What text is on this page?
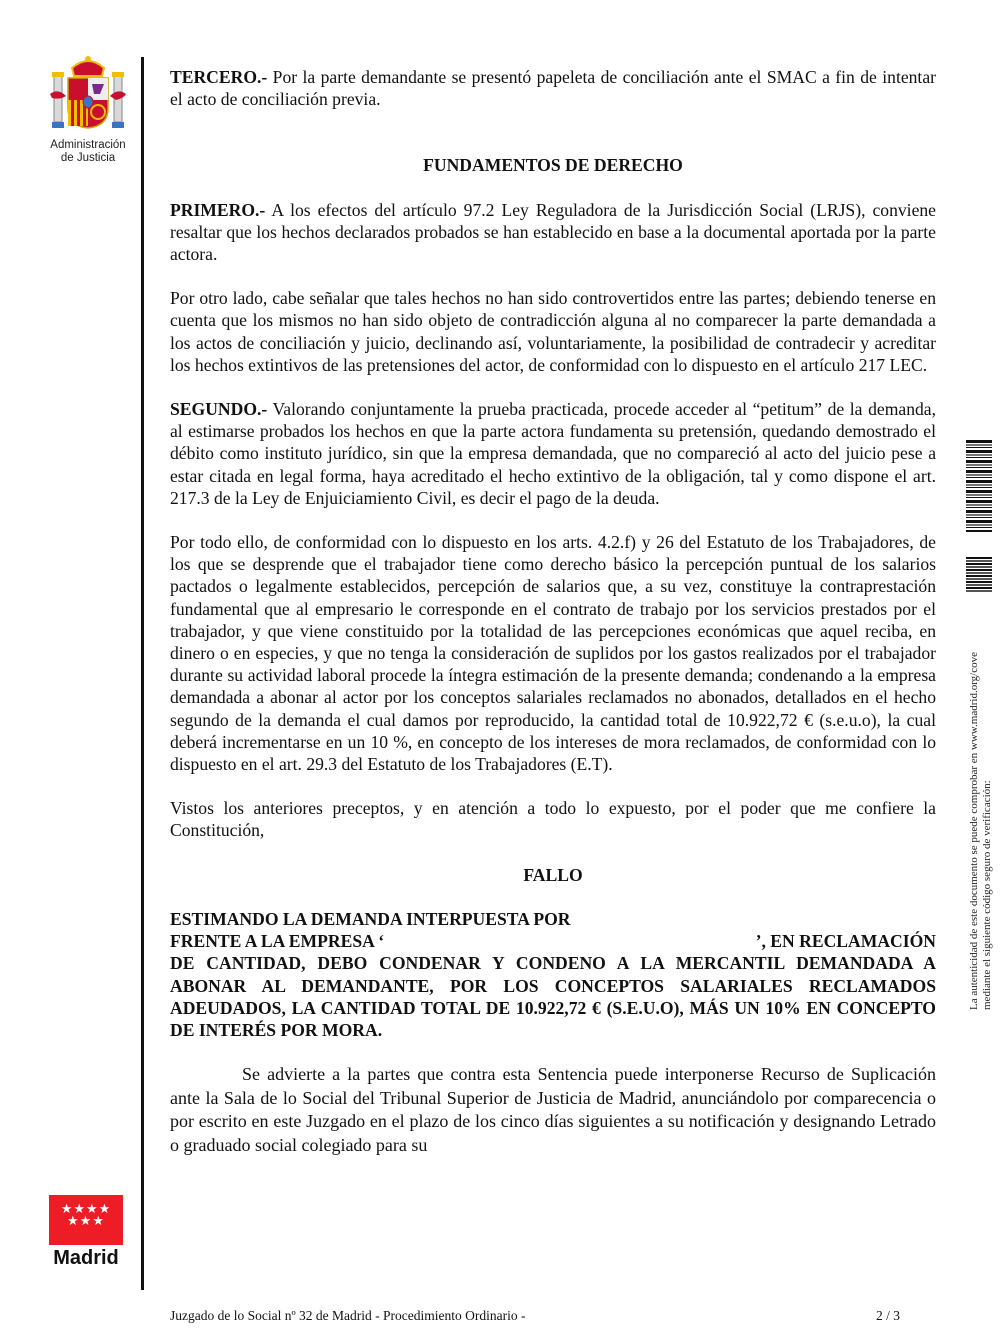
Administración
de Justicia

TERCERO.- Por la parte demandante se presentó papeleta de conciliación ante el SMAC a fin de intentar el acto de conciliación previa.

FUNDAMENTOS DE DERECHO

PRIMERO.- A los efectos del artículo 97.2 Ley Reguladora de la Jurisdicción Social (LRJS), conviene resaltar que los hechos declarados probados se han establecido en base a la documental aportada por la parte actora.

Por otro lado, cabe señalar que tales hechos no han sido controvertidos entre las partes; debiendo tenerse en cuenta que los mismos no han sido objeto de contradicción alguna al no comparecer la parte demandada a los actos de conciliación y juicio, declinando así, voluntariamente, la posibilidad de contradecir y acreditar los hechos extintivos de las pretensiones del actor, de conformidad con lo dispuesto en el artículo 217 LEC.

SEGUNDO.- Valorando conjuntamente la prueba practicada, procede acceder al “petitum” de la demanda, al estimarse probados los hechos en que la parte actora fundamenta su pretensión, quedando demostrado el débito como instituto jurídico, sin que la empresa demandada, que no compareció al acto del juicio pese a estar citada en legal forma, haya acreditado el hecho extintivo de la obligación, tal y como dispone el art. 217.3 de la Ley de Enjuiciamiento Civil, es decir el pago de la deuda.

Por todo ello, de conformidad con lo dispuesto en los arts. 4.2.f) y 26 del Estatuto de los Trabajadores, de los que se desprende que el trabajador tiene como derecho básico la percepción puntual de los salarios pactados o legalmente establecidos, percepción de salarios que, a su vez, constituye la contraprestación fundamental que al empresario le corresponde en el contrato de trabajo por los servicios prestados por el trabajador, y que viene constituido por la totalidad de las percepciones económicas que aquel reciba, en dinero o en especies, y que no tenga la consideración de suplidos por los gastos realizados por el trabajador durante su actividad laboral procede la íntegra estimación de la presente demanda; condenando a la empresa demandada a abonar al actor por los conceptos salariales reclamados no abonados, detallados en el hecho segundo de la demanda el cual damos por reproducido, la cantidad total de 10.922,72 € (s.e.u.o), la cual deberá incrementarse en un 10 %, en concepto de los intereses de mora reclamados, de conformidad con lo dispuesto en el art. 29.3 del Estatuto de los Trabajadores (E.T).

Vistos los anteriores preceptos, y en atención a todo lo expuesto, por el poder que me confiere la Constitución,

FALLO

ESTIMANDO LA DEMANDA INTERPUESTA POR

FRENTE A LA EMPRESA ‘	’, EN RECLAMACIÓN

DE CANTIDAD, DEBO CONDENAR Y CONDENO A LA MERCANTIL DEMANDADA A ABONAR AL DEMANDANTE, POR LOS CONCEPTOS SALARIALES RECLAMADOS ADEUDADOS, LA CANTIDAD TOTAL DE 10.922,72 € (S.E.U.O), MÁS UN 10% EN CONCEPTO DE INTERÉS POR MORA.

Se advierte a la partes que contra esta Sentencia puede interponerse Recurso de Suplicación ante la Sala de lo Social del Tribunal Superior de Justicia de Madrid, anunciándolo por comparecencia o por escrito en este Juzgado en el plazo de los cinco días siguientes a su notificación y designando Letrado o graduado social colegiado para su

★★★★ ★★★
Madrid
Juzgado de lo Social nº 32 de Madrid - Procedimiento Ordinario -	2 / 3
La autenticidad de este documento se puede comprobar en www.madrid.org/cove mediante el siguiente código seguro de verificación:
